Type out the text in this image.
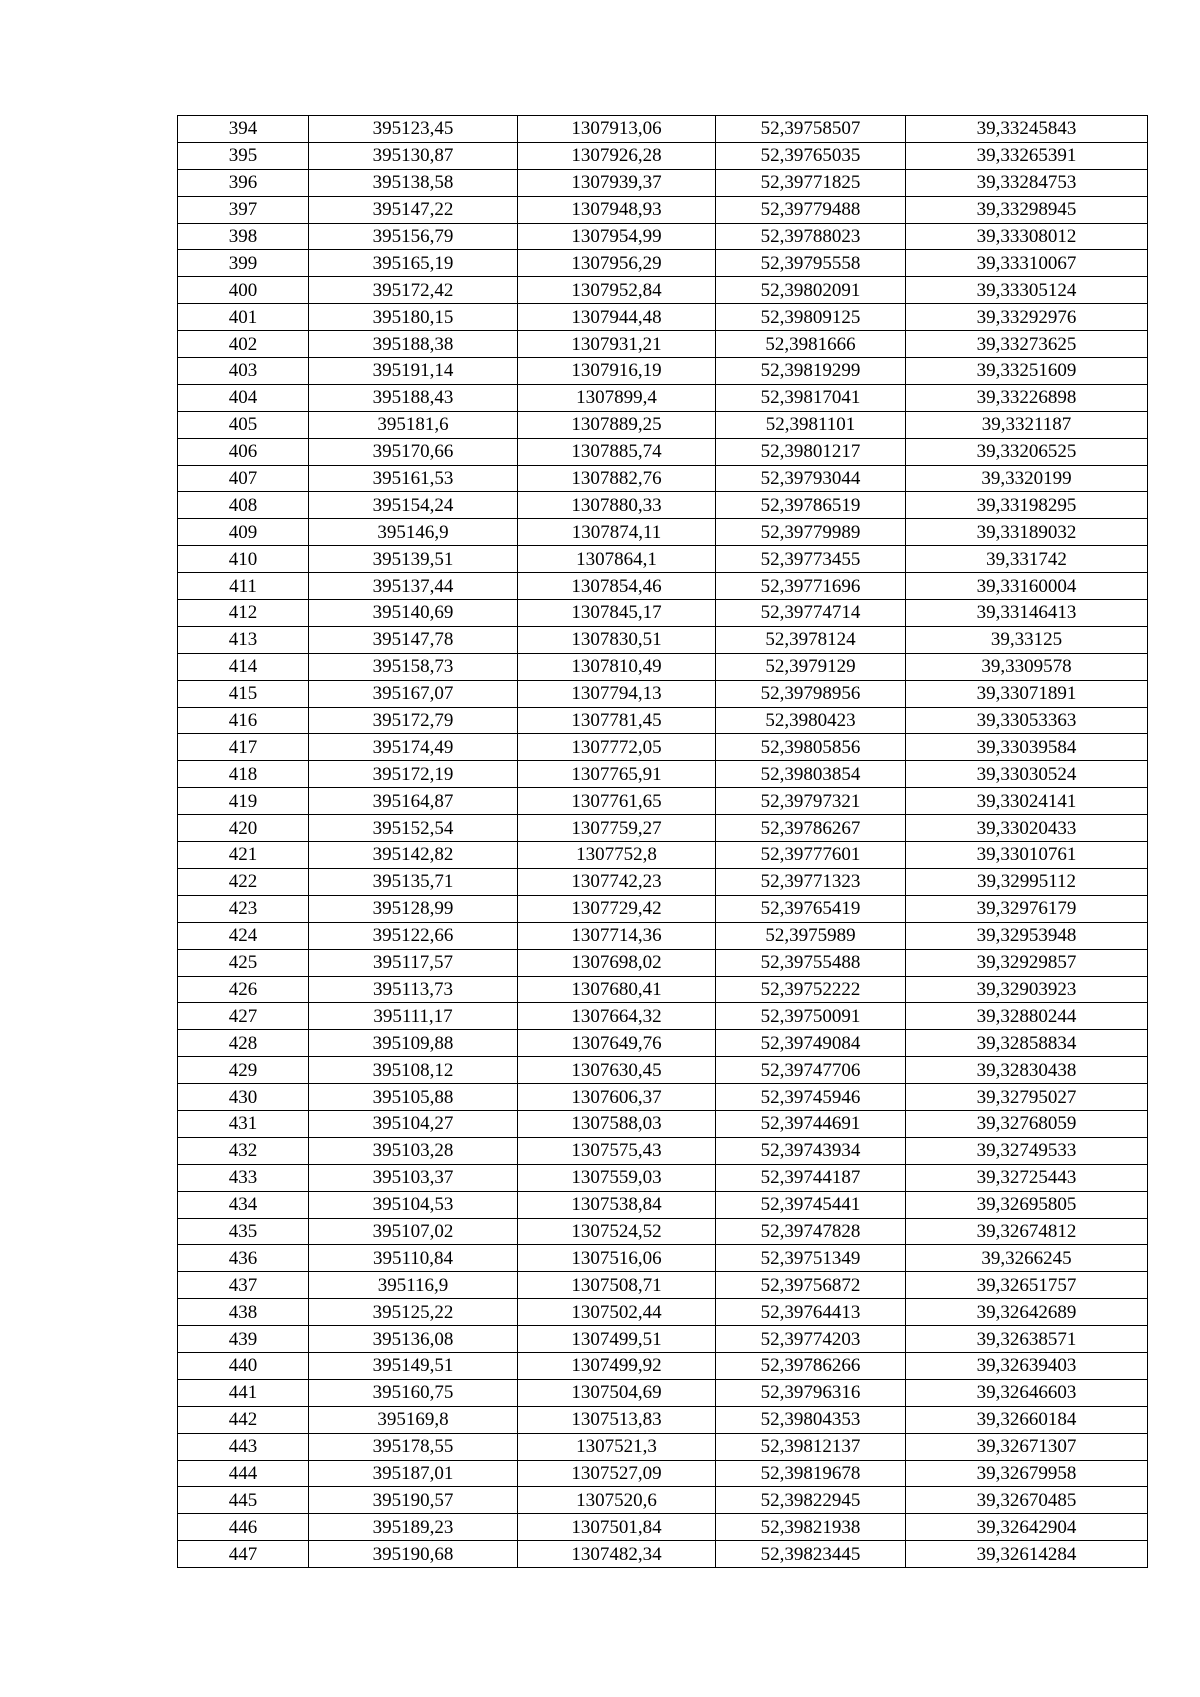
394	395123,45	1307913,06	52,39758507	39,33245843
395	395130,87	1307926,28	52,39765035	39,33265391
396	395138,58	1307939,37	52,39771825	39,33284753
397	395147,22	1307948,93	52,39779488	39,33298945
398	395156,79	1307954,99	52,39788023	39,33308012
399	395165,19	1307956,29	52,39795558	39,33310067
400	395172,42	1307952,84	52,39802091	39,33305124
401	395180,15	1307944,48	52,39809125	39,33292976
402	395188,38	1307931,21	52,3981666	39,33273625
403	395191,14	1307916,19	52,39819299	39,33251609
404	395188,43	1307899,4	52,39817041	39,33226898
405	395181,6	1307889,25	52,3981101	39,3321187
406	395170,66	1307885,74	52,39801217	39,33206525
407	395161,53	1307882,76	52,39793044	39,3320199
408	395154,24	1307880,33	52,39786519	39,33198295
409	395146,9	1307874,11	52,39779989	39,33189032
410	395139,51	1307864,1	52,39773455	39,331742
411	395137,44	1307854,46	52,39771696	39,33160004
412	395140,69	1307845,17	52,39774714	39,33146413
413	395147,78	1307830,51	52,3978124	39,33125
414	395158,73	1307810,49	52,3979129	39,3309578
415	395167,07	1307794,13	52,39798956	39,33071891
416	395172,79	1307781,45	52,3980423	39,33053363
417	395174,49	1307772,05	52,39805856	39,33039584
418	395172,19	1307765,91	52,39803854	39,33030524
419	395164,87	1307761,65	52,39797321	39,33024141
420	395152,54	1307759,27	52,39786267	39,33020433
421	395142,82	1307752,8	52,39777601	39,33010761
422	395135,71	1307742,23	52,39771323	39,32995112
423	395128,99	1307729,42	52,39765419	39,32976179
424	395122,66	1307714,36	52,3975989	39,32953948
425	395117,57	1307698,02	52,39755488	39,32929857
426	395113,73	1307680,41	52,39752222	39,32903923
427	395111,17	1307664,32	52,39750091	39,32880244
428	395109,88	1307649,76	52,39749084	39,32858834
429	395108,12	1307630,45	52,39747706	39,32830438
430	395105,88	1307606,37	52,39745946	39,32795027
431	395104,27	1307588,03	52,39744691	39,32768059
432	395103,28	1307575,43	52,39743934	39,32749533
433	395103,37	1307559,03	52,39744187	39,32725443
434	395104,53	1307538,84	52,39745441	39,32695805
435	395107,02	1307524,52	52,39747828	39,32674812
436	395110,84	1307516,06	52,39751349	39,3266245
437	395116,9	1307508,71	52,39756872	39,32651757
438	395125,22	1307502,44	52,39764413	39,32642689
439	395136,08	1307499,51	52,39774203	39,32638571
440	395149,51	1307499,92	52,39786266	39,32639403
441	395160,75	1307504,69	52,39796316	39,32646603
442	395169,8	1307513,83	52,39804353	39,32660184
443	395178,55	1307521,3	52,39812137	39,32671307
444	395187,01	1307527,09	52,39819678	39,32679958
445	395190,57	1307520,6	52,39822945	39,32670485
446	395189,23	1307501,84	52,39821938	39,32642904
447	395190,68	1307482,34	52,39823445	39,32614284
